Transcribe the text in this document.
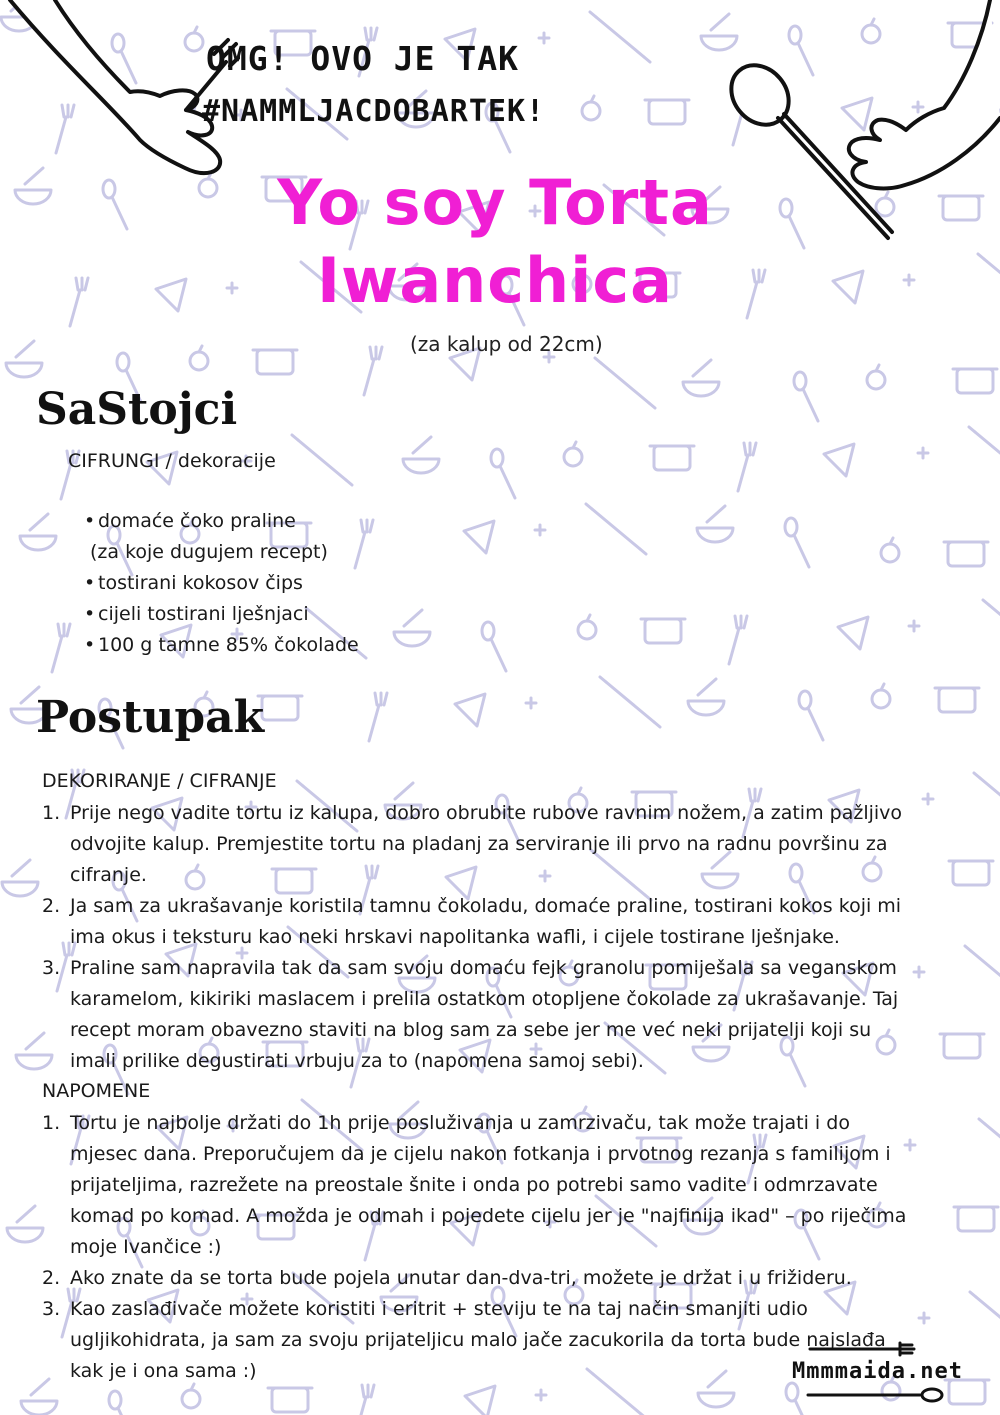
OMG! OVO JE TAK
#NAMMLJACDOBARTEK!
Yo soy Torta
Iwanchica
(za kalup od 22cm)
SaStojci
CIFRUNGI / dekoracije
• domaće čoko praline
(za koje dugujem recept)
• tostirani kokosov čips
• cijeli tostirani lješnjaci
• 100 g tamne 85% čokolade
Postupak
DEKORIRANJE / CIFRANJE
1. Prije nego vadite tortu iz kalupa, dobro obrubite rubove ravnim nožem, a zatim pažljivo odvojite kalup. Premjestite tortu na pladanj za serviranje ili prvo na radnu površinu za cifranje.
2. Ja sam za ukrašavanje koristila tamnu čokoladu, domaće praline, tostirani kokos koji mi ima okus i teksturu kao neki hrskavi napolitanka wafli, i cijele tostirane lješnjake.
3. Praline sam napravila tak da sam svoju domaću fejk granolu pomiješala sa veganskom karamelom, kikiriki maslacem i prelila ostatkom otopljene čokolade za ukrašavanje. Taj recept moram obavezno staviti na blog sam za sebe jer me već neki prijatelji koji su imali prilike degustirati vrbuju za to (napomena samoj sebi).
NAPOMENE
1. Tortu je najbolje držati do 1h prije posluživanja u zamrzivaču, tak može trajati i do mjesec dana. Preporučujem da je cijelu nakon fotkanja i prvotnog rezanja s familijom i prijateljima, razrežete na preostale šnite i onda po potrebi samo vadite i odmrzavate komad po komad. A možda je odmah i pojedete cijelu jer je "najfinija ikad" – po riječima moje Ivančice :)
2. Ako znate da se torta bude pojela unutar dan-dva-tri, možete je držat i u frižideru.
3. Kao zaslađivače možete koristiti i eritrit + steviju te na taj način smanjiti udio ugljikohidrata, ja sam za svoju prijateljicu malo jače zacukorila da torta bude najslađa kak je i ona sama :)	Mmmmaida.net
